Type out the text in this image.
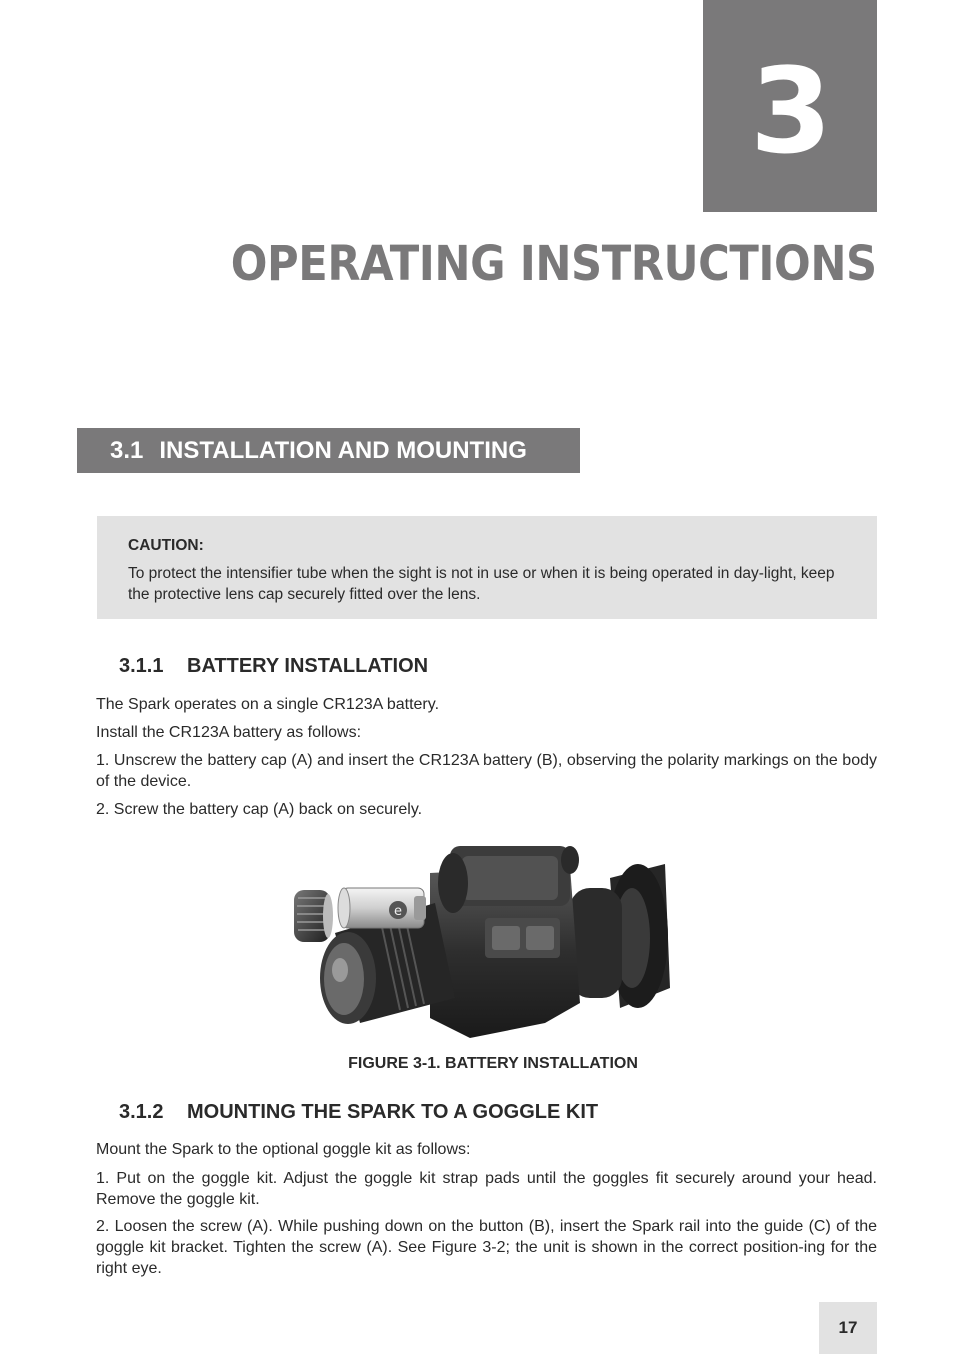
3
OPERATING INSTRUCTIONS
3.1 INSTALLATION AND MOUNTING
CAUTION:
To protect the intensifier tube when the sight is not in use or when it is being operated in day-light, keep the protective lens cap securely fitted over the lens.
3.1.1 BATTERY INSTALLATION

The Spark operates on a single CR123A battery.

Install the CR123A battery as follows:

1. Unscrew the battery cap (A) and insert the CR123A battery (B), observing the polarity markings on the body of the device.

2. Screw the battery cap (A) back on securely.

e
FIGURE 3-1. BATTERY INSTALLATION
3.1.2 MOUNTING THE SPARK TO A GOGGLE KIT

Mount the Spark to the optional goggle kit as follows:

1. Put on the goggle kit. Adjust the goggle kit strap pads until the goggles fit securely around your head. Remove the goggle kit.

2. Loosen the screw (A). While pushing down on the button (B), insert the Spark rail into the guide (C) of the goggle kit bracket. Tighten the screw (A). See Figure 3-2; the unit is shown in the correct position-ing for the right eye.

17
